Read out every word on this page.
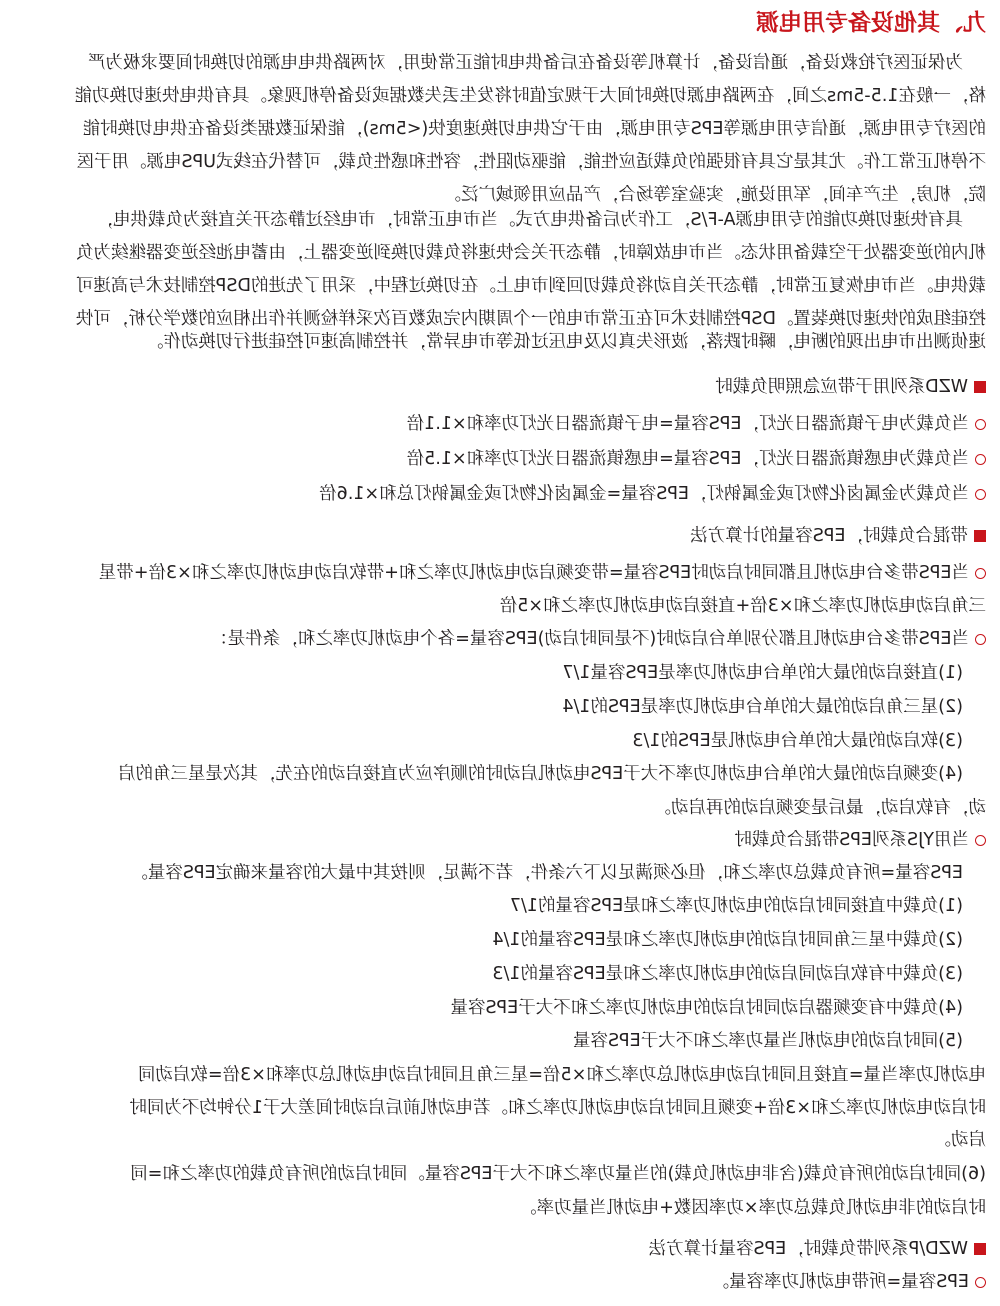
九、其他设备专用电源
为保证医疗抢救设备，通信设备，计算机等设备在后备供电时能正常使用，对两路供电电源的切换时间要求极为严
格，一般在1.5-5ms之间，在两路电源切换时间大于规定值时将发生丢失数据或设备停机现象。具有供电快速切换功能
的医疗专用电源，通信专用电源等EPS专用电源，由于它供电切换速度快(<5ms)，能保证数据类设备在供电切换时能
不停机正常工作。尤其是它具有很强的负载适应性能，能驱动阻性，容性和感性负载，可替代在线式UPS电源。用于医
院，机房，生产车间，军用设施，实验室等场合，产品应用领域广泛。
具有快速切换功能的专用电源A-F/S，工作为后备供电方式。当市电正常时，市电经过静态开关直接为负载供电，
机内的逆变器处于空载备用状态。当市电故障时，静态开关会快速将负载切换到逆变器上，由蓄电池经逆变器继续为负
载供电。当市电恢复正常时，静态开关自动将负载切回到市电上。在切换过程中，采用了先进的DSP控制技术与高速可
控硅组成的快速切换装置。DSP控制技术可在正常市电的一个周期内完成数百次采样检测并作出相应的数学分析，可快
速侦测出市电出现的断电，瞬时跌落，波形失真以及电压过低等市电异常，并控制高速可控硅进行切换动作。
WZD系列用于带应急照明负载时
当负载为电子镇流器日光灯，EPS容量=电子镇流器日光灯功率和×1.1倍
当负载为电感镇流器日光灯，EPS容量=电感镇流器日光灯功率和×1.5倍
当负载为金属卤化物灯或金属钠灯，EPS容量=金属卤化物灯或金属钠灯总和×1.6倍
带混合负载时，EPS容量的计算方法
当EPS带多台电动机且都同时启动时EPS容量=带变频启动电动机功率之和+带软启动电动机功率之和×3倍+带星
三角启动电动机功率之和×3倍+直接启动电动机功率之和×5倍
当EPS带多台电动机且都分别单台启动时(不是同时启动)EPS容量=各个电动机功率之和，条件是：
(1)直接启动的最大的单台电动机功率是EPS容量1/7
(2)星三角启动的最大的单台电动机功率是EPS的1/4
(3)软启动的最大的单台电动机是EPS的1/3
(4)变频启动的最大的单台电动机功率不大于EPS电动机启动时的顺序应为直接启动的在先，其次是星三角的启
动，有软启动，最后是变频启动的再启动。
当用YJS系列EPS带混合负载时
EPS容量=所有负载总功率之和，但必须满足以下六条件，若不满足，则按其中最大的容量来确定EPS容量。
(1)负载中直接同时启动的电动机功率之和是EPS容量的1/7
(2)负载中星三角同时启动的电动机功率之和是EPS容量的1/4
(3)负载中有软启动同启动的电动机功率之和是EPS容量的1/3
(4)负载中有变频器启动同时启动的电动机功率之和不大于EPS容量
(5)同时启动的电动机当量功率之和不大于EPS容量
电动机功率当量=直接且同时启动电动机总功率之和×5倍=星三角且同时启动电动机总功率和×3倍=软启动同
时启动电动机功率之和×3倍+变频且同时启动电动机功率之和。若电动机前后启动时间差大于1分钟均不为同时
启动。
(6)同时启动的所有负载(含非电动机负载)的当量功率之和不大于EPS容量。同时启动的所有负载的功率之和=同
时启动的非电动机负载总功率×功率因数+电动机当量功率。
WZD/P系列带负载时，EPS容量计算方法
EPS容量=所带电动机功率容量。
